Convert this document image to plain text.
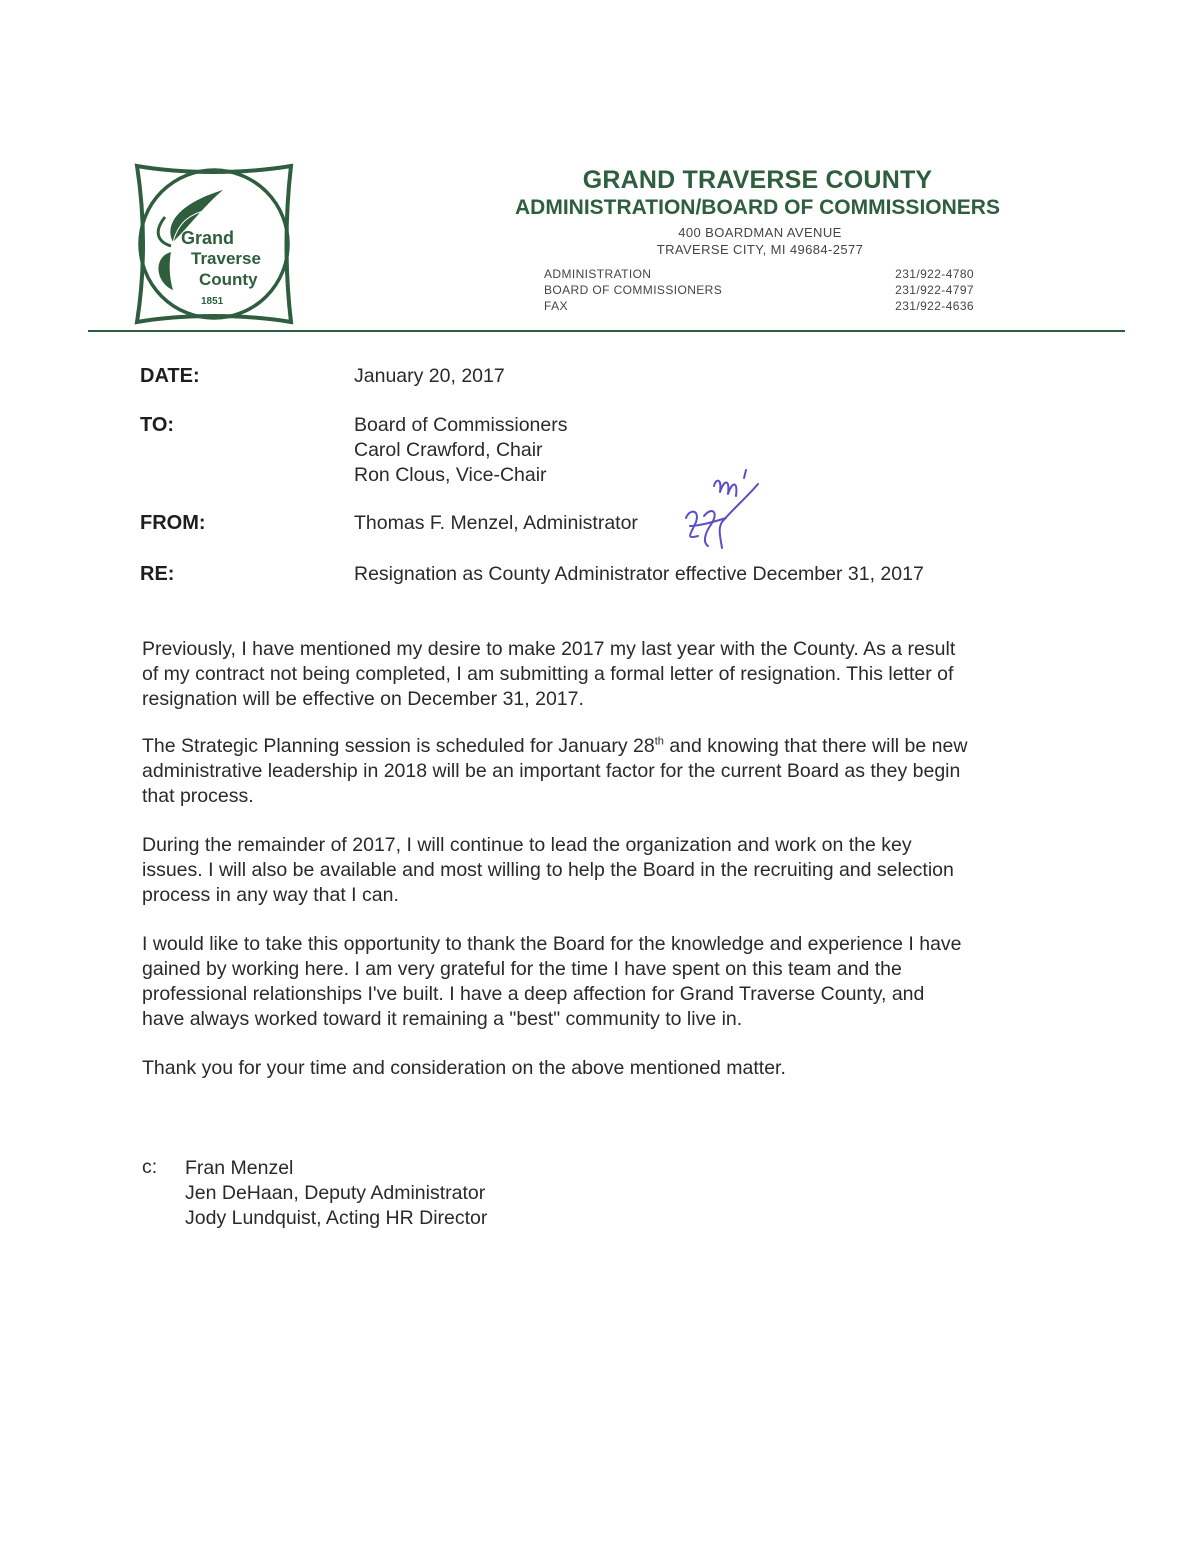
Grand
Traverse
County
1851
GRAND TRAVERSE COUNTY
ADMINISTRATION/BOARD OF COMMISSIONERS
400 BOARDMAN AVENUE
TRAVERSE CITY, MI 49684-2577
ADMINISTRATION	231/922-4780
BOARD OF COMMISSIONERS	231/922-4797
FAX	231/922-4636
DATE:	January 20, 2017
TO:	Board of Commissioners
Carol Crawford, Chair
Ron Clous, Vice-Chair
FROM:	Thomas F. Menzel, Administrator
RE:	Resignation as County Administrator effective December 31, 2017
Previously, I have mentioned my desire to make 2017 my last year with the County. As a result
of my contract not being completed, I am submitting a formal letter of resignation. This letter of
resignation will be effective on December 31, 2017.
The Strategic Planning session is scheduled for January 28th and knowing that there will be new
administrative leadership in 2018 will be an important factor for the current Board as they begin
that process.
During the remainder of 2017, I will continue to lead the organization and work on the key
issues. I will also be available and most willing to help the Board in the recruiting and selection
process in any way that I can.
I would like to take this opportunity to thank the Board for the knowledge and experience I have
gained by working here. I am very grateful for the time I have spent on this team and the
professional relationships I've built. I have a deep affection for Grand Traverse County, and
have always worked toward it remaining a "best" community to live in.
Thank you for your time and consideration on the above mentioned matter.
c: Fran Menzel
Jen DeHaan, Deputy Administrator
Jody Lundquist, Acting HR Director
